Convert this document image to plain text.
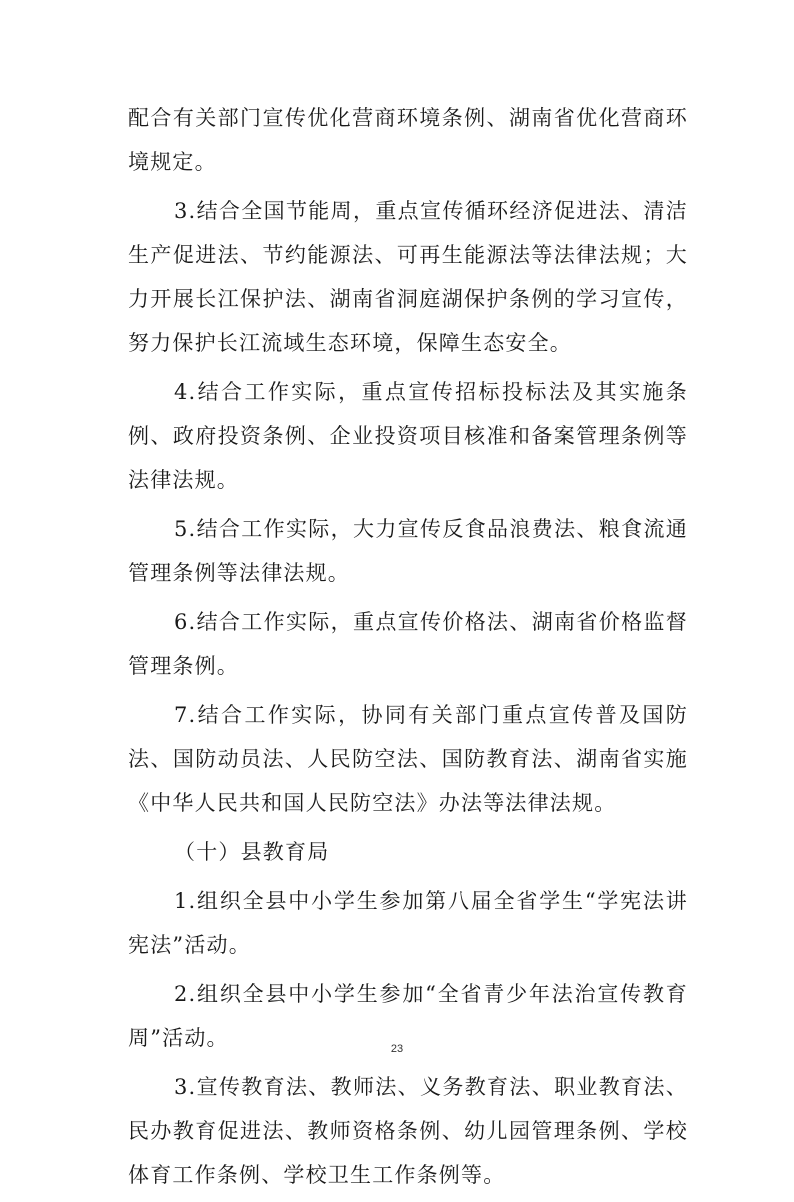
配合有关部门宣传优化营商环境条例、湖南省优化营商环境规定。

3.结合全国节能周，重点宣传循环经济促进法、清洁生产促进法、节约能源法、可再生能源法等法律法规；大力开展长江保护法、湖南省洞庭湖保护条例的学习宣传，努力保护长江流域生态环境，保障生态安全。

4.结合工作实际，重点宣传招标投标法及其实施条例、政府投资条例、企业投资项目核准和备案管理条例等法律法规。

5.结合工作实际，大力宣传反食品浪费法、粮食流通管理条例等法律法规。

6.结合工作实际，重点宣传价格法、湖南省价格监督管理条例。

7.结合工作实际，协同有关部门重点宣传普及国防法、国防动员法、人民防空法、国防教育法、湖南省实施《中华人民共和国人民防空法》办法等法律法规。

（十）县教育局

1.组织全县中小学生参加第八届全省学生“学宪法讲宪法”活动。

2.组织全县中小学生参加“全省青少年法治宣传教育周”活动。

3.宣传教育法、教师法、义务教育法、职业教育法、民办教育促进法、教师资格条例、幼儿园管理条例、学校体育工作条例、学校卫生工作条例等。

23
